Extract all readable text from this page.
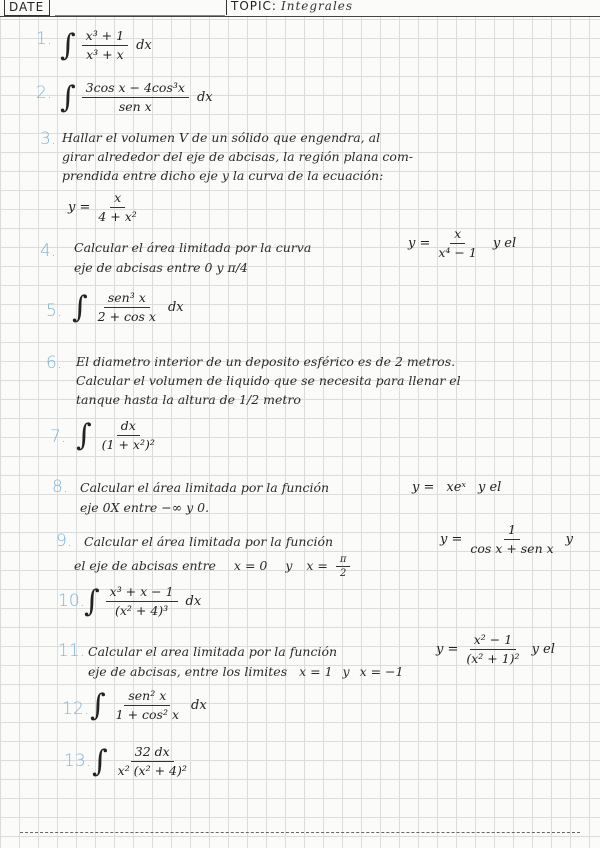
DATE	TOPIC: Integrales
1. ∫ $\frac{\text{x³ + 1}}{\text{x³ + x}}$ dx
2. ∫ $\frac{\text{3cos x − 4cos³x}}{\text{sen x}}$ dx
3. Hallar el volumen V de un sólido que engendra, al
girar alrededor del eje de abcisas, la región plana com-
prendida entre dicho eje y la curva de la ecuación:
$y = \frac{x}{\text{4 + x²}}$
4. Calcular el área limitada por la curva	$y = \frac{x}{\text{x⁴ − 1}}$ y el
eje de abcisas entre 0 y π/4
5. ∫ $\frac{\text{sen³ x}}{\text{2 + cos x}}$ dx
6. El diametro interior de un deposito esférico es de 2 metros.
Calcular el volumen de liquido que se necesita para llenar el
tanque hasta la altura de 1/2 metro
7. ∫ $\frac{dx}{\text{(1 + x²)²}}$
8. Calcular el área limitada por la función	y = xeˣ y el
eje 0X entre −∞ y 0.
9. Calcular el área limitada por la función	$y = \frac{1}{\text{cos x + sen x}}$ y
el eje de abcisas entre x = 0 y $x = \frac{\pi}{2}$
10.
∫ $\frac{\text{x³ + x − 1}}{\text{(x² + 4)³}}$ dx
11. Calcular el area limitada por la función	$y = \frac{\text{x² − 1}}{\text{(x² + 1)²}}$ y el
eje de abcisas, entre los limites x = 1 y x = −1
12. ∫ $\frac{\text{sen² x}}{\text{1 + cos² x}}$ dx
13. ∫ $\frac{32 dx}{\text{x² (x² + 4)²}}$
